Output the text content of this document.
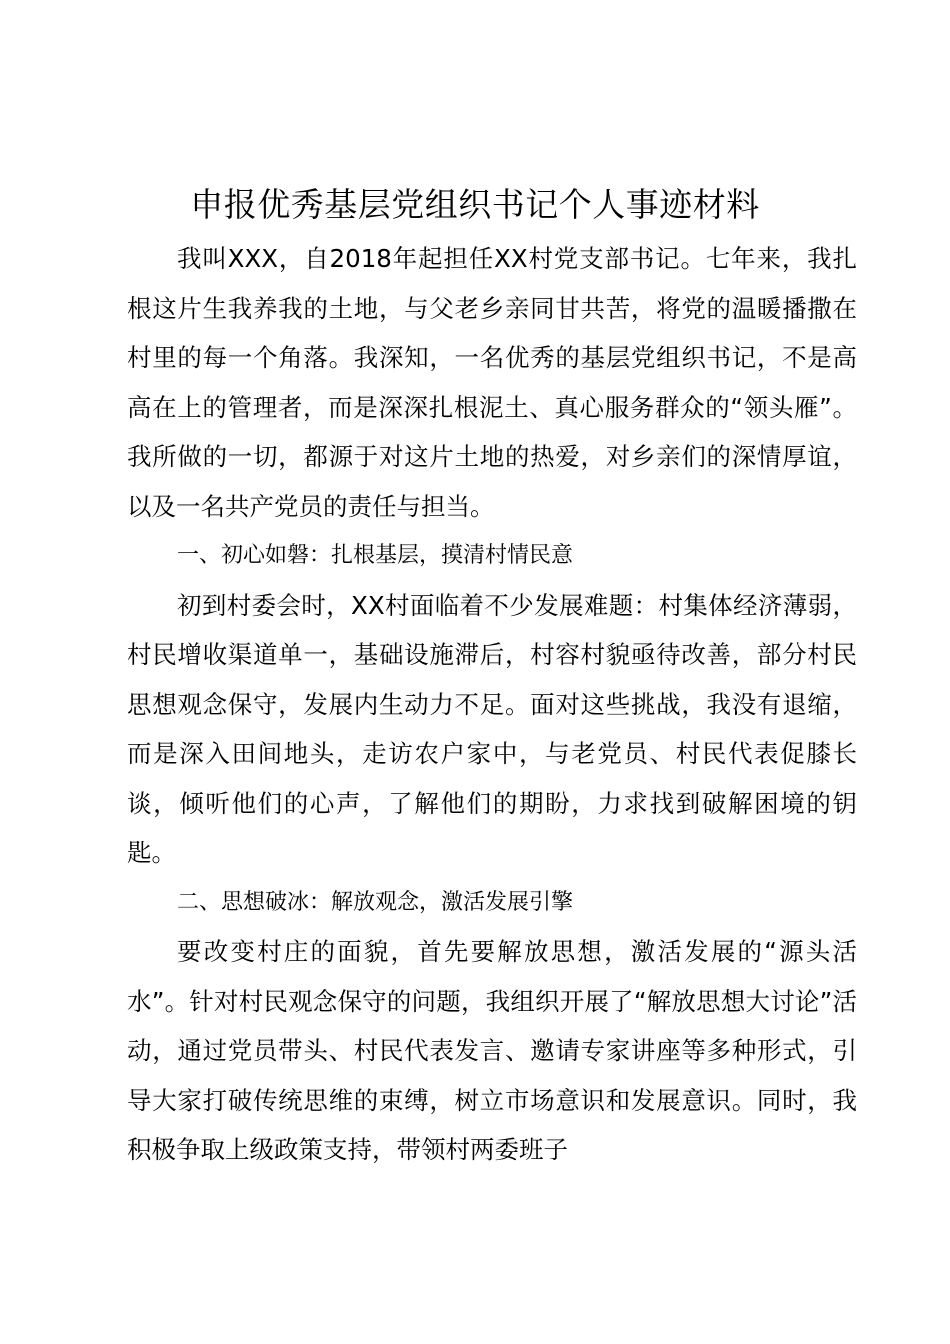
申报优秀基层党组织书记个人事迹材料

我叫XXX，自2018年起担任XX村党支部书记。七年来，我扎根这片生我养我的土地，与父老乡亲同甘共苦，将党的温暖播撒在村里的每一个角落。我深知，一名优秀的基层党组织书记，不是高高在上的管理者，而是深深扎根泥土、真心服务群众的“领头雁”。我所做的一切，都源于对这片土地的热爱，对乡亲们的深情厚谊，以及一名共产党员的责任与担当。

一、初心如磐：扎根基层，摸清村情民意

初到村委会时，XX村面临着不少发展难题：村集体经济薄弱，村民增收渠道单一，基础设施滞后，村容村貌亟待改善，部分村民思想观念保守，发展内生动力不足。面对这些挑战，我没有退缩，而是深入田间地头，走访农户家中，与老党员、村民代表促膝长谈，倾听他们的心声，了解他们的期盼，力求找到破解困境的钥匙。

二、思想破冰：解放观念，激活发展引擎

要改变村庄的面貌，首先要解放思想，激活发展的“源头活水”。针对村民观念保守的问题，我组织开展了“解放思想大讨论”活动，通过党员带头、村民代表发言、邀请专家讲座等多种形式，引导大家打破传统思维的束缚，树立市场意识和发展意识。同时，我积极争取上级政策支持，带领村两委班子
